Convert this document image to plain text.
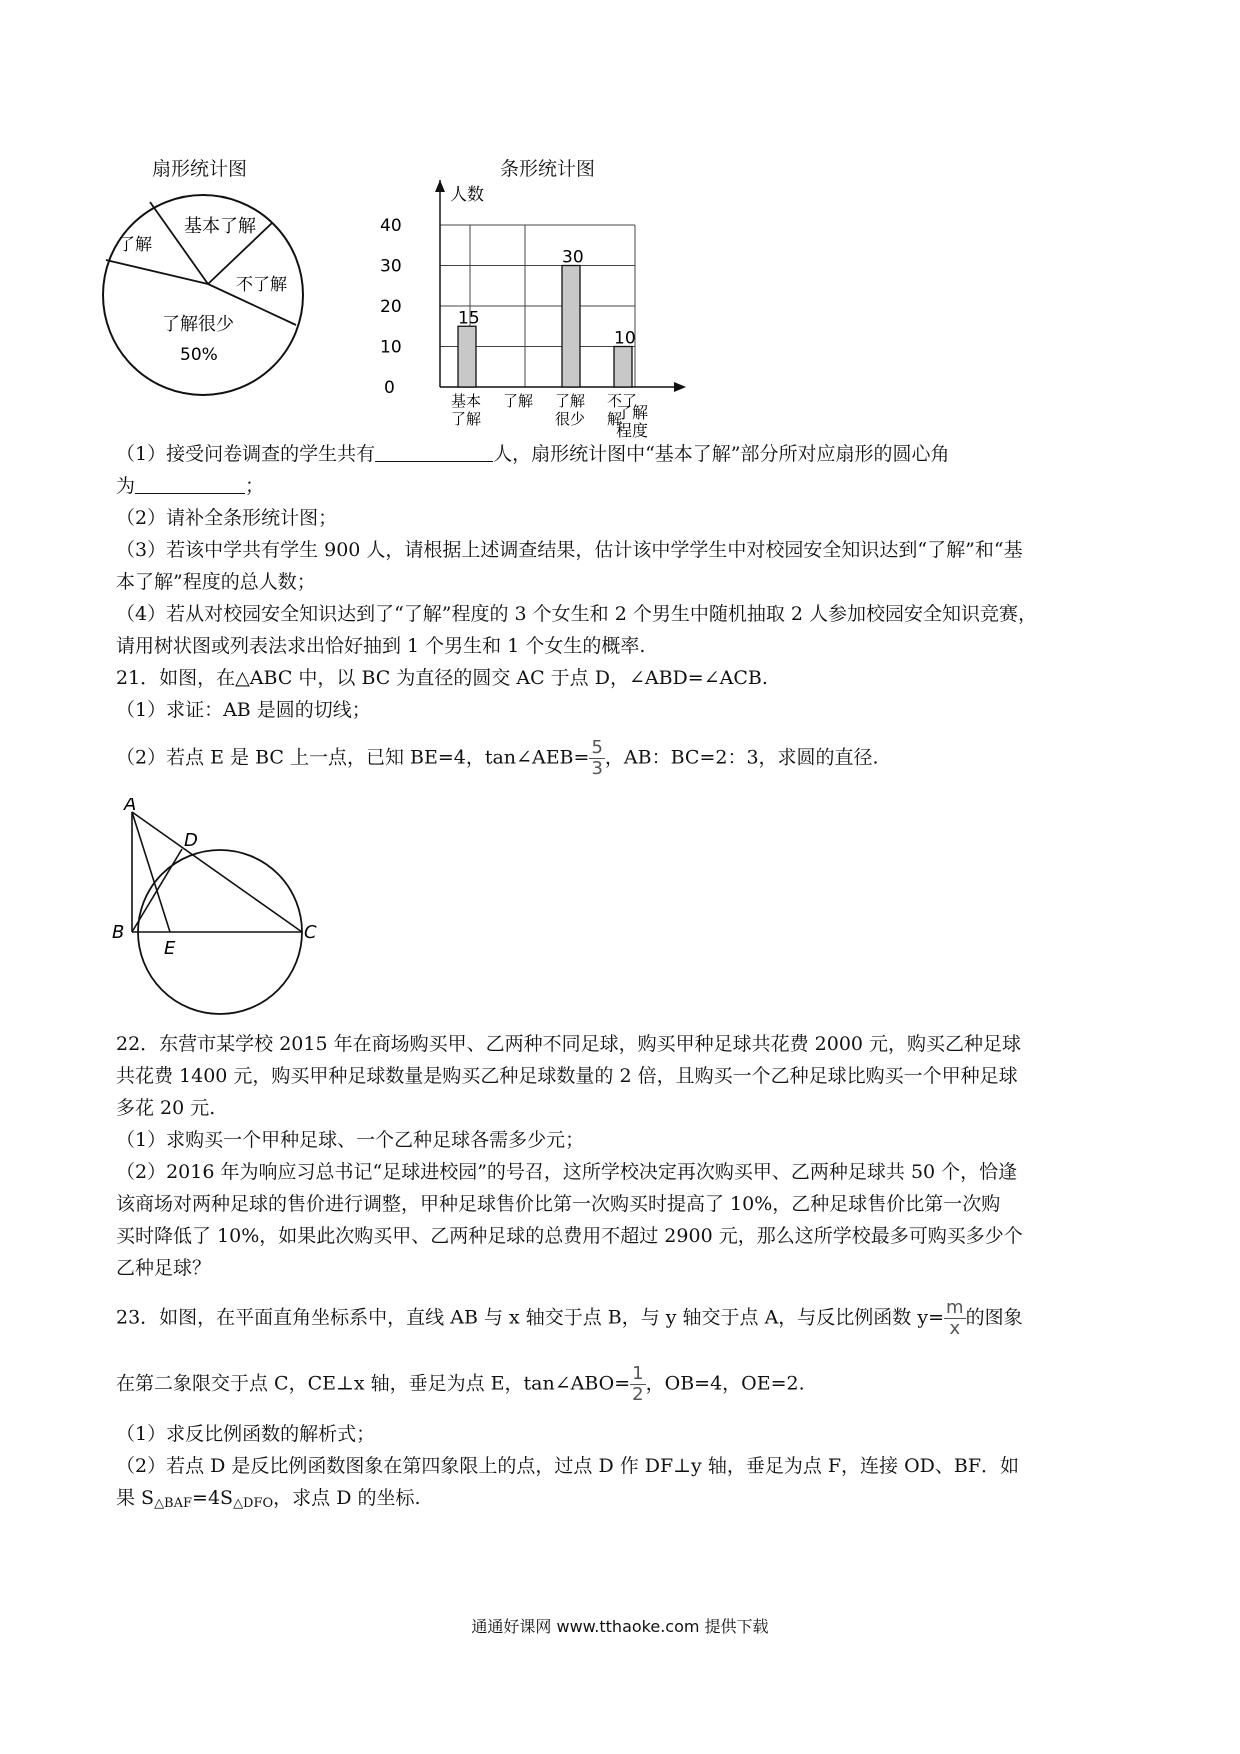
扇形统计图
基本了解
了解
不了解
了解很少
50%
条形统计图
人数
0
10
20
30
40
15
30
10
基本
了解
了解 了解
很少
不了
解
了解
程度
（1）接受问卷调查的学生共有	人，扇形统计图中“基本了解”部分所对应扇形的圆心角
为	；
（2）请补全条形统计图；
（3）若该中学共有学生 900 人，请根据上述调查结果，估计该中学学生中对校园安全知识达到“了解”和“基
本了解”程度的总人数；
（4）若从对校园安全知识达到了“了解”程度的 3 个女生和 2 个男生中随机抽取 2 人参加校园安全知识竞赛，
请用树状图或列表法求出恰好抽到 1 个男生和 1 个女生的概率.
21．如图，在△ABC 中，以 BC 为直径的圆交 AC 于点 D，∠ABD=∠ACB.
（1）求证：AB 是圆的切线；
（2）若点 E 是 BC 上一点，已知 BE=4，tan∠AEB= $\frac{5}{3}$ ，AB：BC=2：3，求圆的直径.
A
D
B
E
C
22．东营市某学校 2015 年在商场购买甲、乙两种不同足球，购买甲种足球共花费 2000 元，购买乙种足球
共花费 1400 元，购买甲种足球数量是购买乙种足球数量的 2 倍，且购买一个乙种足球比购买一个甲种足球
多花 20 元.
（1）求购买一个甲种足球、一个乙种足球各需多少元；
（2）2016 年为响应习总书记“足球进校园”的号召，这所学校决定再次购买甲、乙两种足球共 50 个，恰逢
该商场对两种足球的售价进行调整，甲种足球售价比第一次购买时提高了 10%，乙种足球售价比第一次购
买时降低了 10%，如果此次购买甲、乙两种足球的总费用不超过 2900 元，那么这所学校最多可购买多少个
乙种足球？
23．如图，在平面直角坐标系中，直线 AB 与 x 轴交于点 B，与 y 轴交于点 A，与反比例函数 $y= \frac{m}{x}$ 的图象
在第二象限交于点 C，CE⊥x 轴，垂足为点 E，tan∠ABO= $\frac{1}{2}$ ，OB=4，OE=2.
（1）求反比例函数的解析式；
（2）若点 D 是反比例函数图象在第四象限上的点，过点 D 作 DF⊥y 轴，垂足为点 F，连接 OD、BF．如
果 $S_{\triangle BAF}=4S_{\triangle DFO}$，求点 D 的坐标.
通通好课网 www.tthaoke.com 提供下载
